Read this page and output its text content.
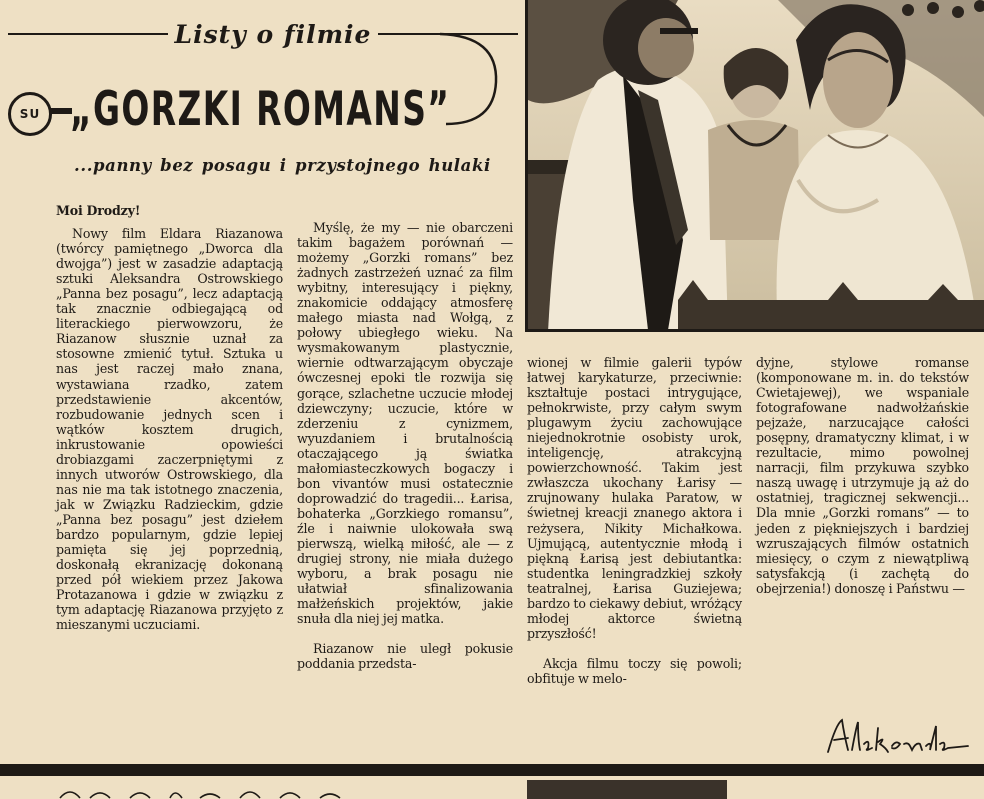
Listy o filmie
SU „GORZKI ROMANS”
...panny bez posagu i przystojnego hulaki

Moi Drodzy!

Nowy film Eldara Riazanowa (twórcy pamiętnego „Dworca dla dwojga”) jest w zasadzie adaptacją sztuki Aleksandra Ostrowskiego „Panna bez posagu”, lecz adaptacją tak znacznie odbiegającą od literackiego pierwowzoru, że Riazanow słusznie uznał za stosowne zmienić tytuł. Sztuka u nas jest raczej mało znana, wystawiana rzadko, zatem przedstawienie akcentów, rozbudowanie jednych scen i wątków kosztem drugich, inkrustowanie opowieści drobiazgami zaczerpniętymi z innych utworów Ostrowskiego, dla nas nie ma tak istotnego znaczenia, jak w Związku Radzieckim, gdzie „Panna bez posagu” jest dziełem bardzo popularnym, gdzie lepiej pamięta się jej poprzednią, doskonałą ekranizację dokonaną przed pół wiekiem przez Jakowa Protazanowa i gdzie w związku z tym adaptację Riazanowa przyjęto z mieszanymi uczuciami.

Myślę, że my — nie obarczeni takim bagażem porównań — możemy „Gorzki romans” bez żadnych zastrzeżeń uznać za film wybitny, interesujący i piękny, znakomicie oddający atmosferę małego miasta nad Wołgą, z połowy ubiegłego wieku. Na wysmakowanym plastycznie, wiernie odtwarzającym obyczaje ówczesnej epoki tle rozwija się gorące, szlachetne uczucie młodej dziewczyny; uczucie, które w zderzeniu z cynizmem, wyuzdaniem i brutalnością otaczającego ją światka małomiasteczkowych bogaczy i bon vivantów musi ostatecznie doprowadzić do tragedii... Łarisa, bohaterka „Gorzkiego romansu”, źle i naiwnie ulokowała swą pierwszą, wielką miłość, ale — z drugiej strony, nie miała dużego wyboru, a brak posagu nie ułatwiał sfinalizowania małżeńskich projektów, jakie snuła dla niej jej matka.

Riazanow nie uległ pokusie poddania przedsta-

wionej w filmie galerii typów łatwej karykaturze, przeciwnie: kształtuje postaci intrygujące, pełnokrwiste, przy całym swym plugawym życiu zachowujące niejednokrotnie osobisty urok, inteligencję, atrakcyjną powierzchowność. Takim jest zwłaszcza ukochany Łarisy — zrujnowany hulaka Paratow, w świetnej kreacji znanego aktora i reżysera, Nikity Michałkowa. Ujmującą, autentycznie młodą i piękną Łarisą jest debiutantka: studentka leningradzkiej szkoły teatralnej, Łarisa Guziejewa; bardzo to ciekawy debiut, wróżący młodej aktorce świetną przyszłość!

Akcja filmu toczy się powoli; obfituje w melo-

dyjne, stylowe romanse (komponowane m. in. do tekstów Cwietajewej), we wspaniale fotografowane nadwołżańskie pejzaże, narzucające całości posępny, dramatyczny klimat, i w rezultacie, mimo powolnej narracji, film przykuwa szybko naszą uwagę i utrzymuje ją aż do ostatniej, tragicznej sekwencji... Dla mnie „Gorzki romans” — to jeden z piękniejszych i bardziej wzruszających filmów ostatnich miesięcy, o czym z niewątpliwą satysfakcją (i zachętą do obejrzenia!) donoszę i Państwu —
